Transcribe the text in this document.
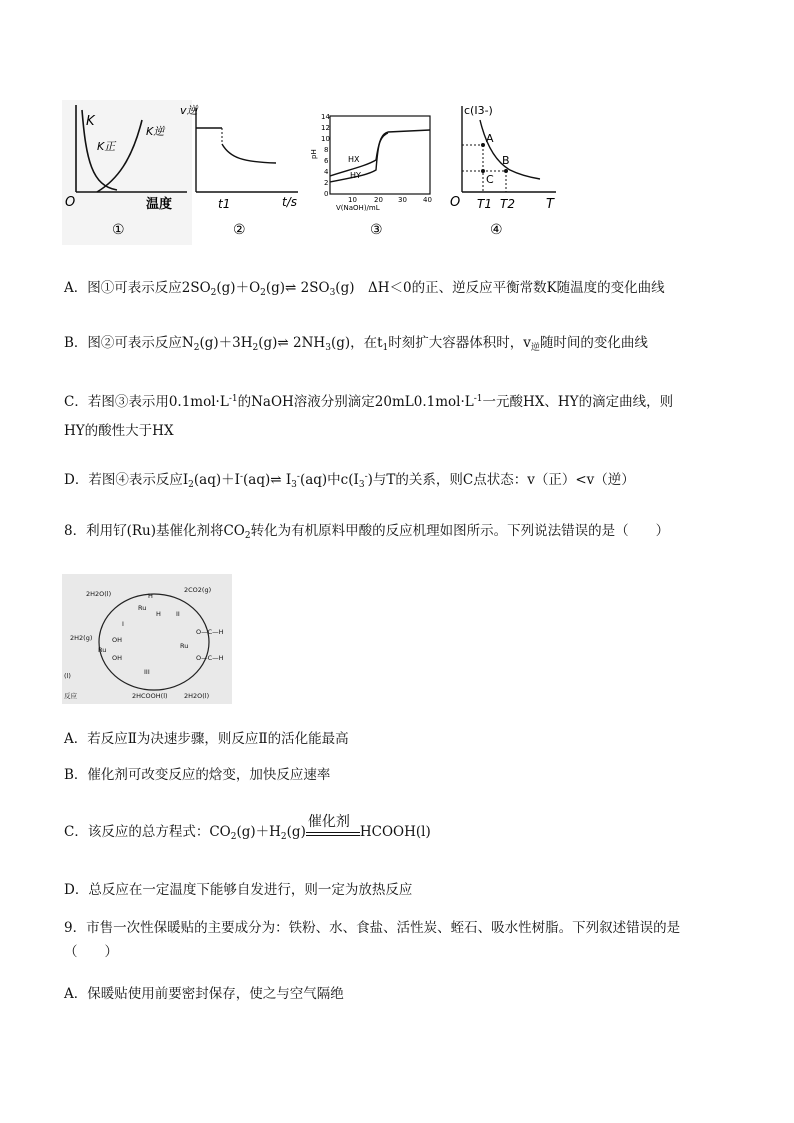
K
K正
K逆
O	温度
①
v逆
t1	t/s
②
14
12
10
8
6
4
2
0
10 20 30 40
pH
V(NaOH)/mL
HX
HY
③
c(I3-)
A
B
C
O T1 T2 T
④
A．图①可表示反应$2SO_2(g)+O_2(g)\rightleftharpoons$ $2SO_3(g)$　ΔH＜0的正、逆反应平衡常数K随温度的变化曲线
B．图②可表示反应$N_2(g)+3H_2(g)\rightleftharpoons$ $2NH_3(g)$，在$t_1$时刻扩大容器体积时，$v_逆$随时间的变化曲线
C．若图③表示用$0.1mol\cdot L^{-1}$的NaOH溶液分别滴定$20mL0.1mol\cdot L^{-1}$一元酸HX、HY的滴定曲线，则
HY的酸性大于HX
D．若图④表示反应$I_2(aq)+I^-(aq)\rightleftharpoons$ $I_3^-(aq)$中$c(I_3^-)$与T的关系，则C点状态：v（正）<v（逆）
8．利用钌(Ru)基催化剂将$CO_2$转化为有机原料甲酸的反应机理如图所示。下列说法错误的是（　　）
2H2O(l)	H
Ru
H
2CO2(g)
II
I
2H2(g)	OH
Ru
OH
O—C—H
Ru
O—C—H
III
2HCOOH(l)	2H2O(l)
(l)
反应
A．若反应Ⅱ为决速步骤，则反应Ⅱ的活化能最高
B．催化剂可改变反应的焓变，加快反应速率
C．该反应的总方程式：$CO_2(g)+H_2(g)$
催化剂
HCOOH(l)
D．总反应在一定温度下能够自发进行，则一定为放热反应
9．市售一次性保暖贴的主要成分为：铁粉、水、食盐、活性炭、蛭石、吸水性树脂。下列叙述错误的是
（　　）
A．保暖贴使用前要密封保存，使之与空气隔绝
